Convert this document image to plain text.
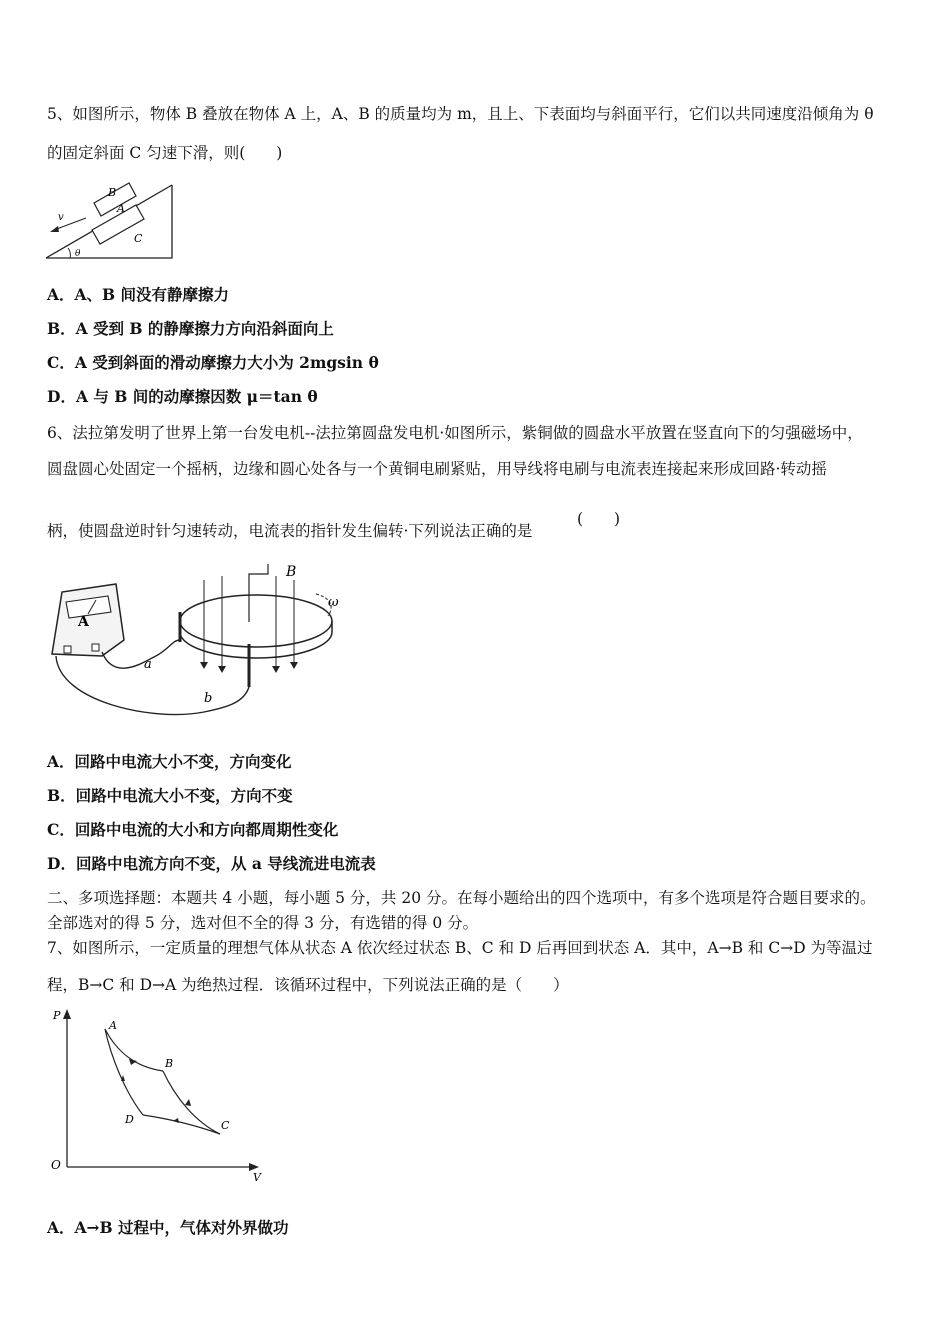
5、如图所示，物体 B 叠放在物体 A 上，A、B 的质量均为 m，且上、下表面均与斜面平行，它们以共同速度沿倾角为 θ
的固定斜面 C 匀速下滑，则(　　)
B
A
C
v
θ
A．A、B 间没有静摩擦力
B．A 受到 B 的静摩擦力方向沿斜面向上
C．A 受到斜面的滑动摩擦力大小为 2mgsin θ
D．A 与 B 间的动摩擦因数 μ＝tan θ
6、法拉第发明了世界上第一台发电机--法拉第圆盘发电机·如图所示，紫铜做的圆盘水平放置在竖直向下的匀强磁场中，
圆盘圆心处固定一个摇柄，边缘和圆心处各与一个黄铜电刷紧贴，用导线将电刷与电流表连接起来形成回路·转动摇
柄，使圆盘逆时针匀速转动，电流表的指针发生偏转·下列说法正确的是
(　　)
A
B
ω
a
b
A．回路中电流大小不变，方向变化
B．回路中电流大小不变，方向不变
C．回路中电流的大小和方向都周期性变化
D．回路中电流方向不变，从 a 导线流进电流表
二、多项选择题：本题共 4 小题，每小题 5 分，共 20 分。在每小题给出的四个选项中，有多个选项是符合题目要求的。
全部选对的得 5 分，选对但不全的得 3 分，有选错的得 0 分。
7、如图所示，一定质量的理想气体从状态 A 依次经过状态 B、C 和 D 后再回到状态 A．其中，A→B 和 C→D 为等温过
程，B→C 和 D→A 为绝热过程．该循环过程中，下列说法正确的是（　　）
P
V
O
A
B
C
D
A．A→B 过程中，气体对外界做功
